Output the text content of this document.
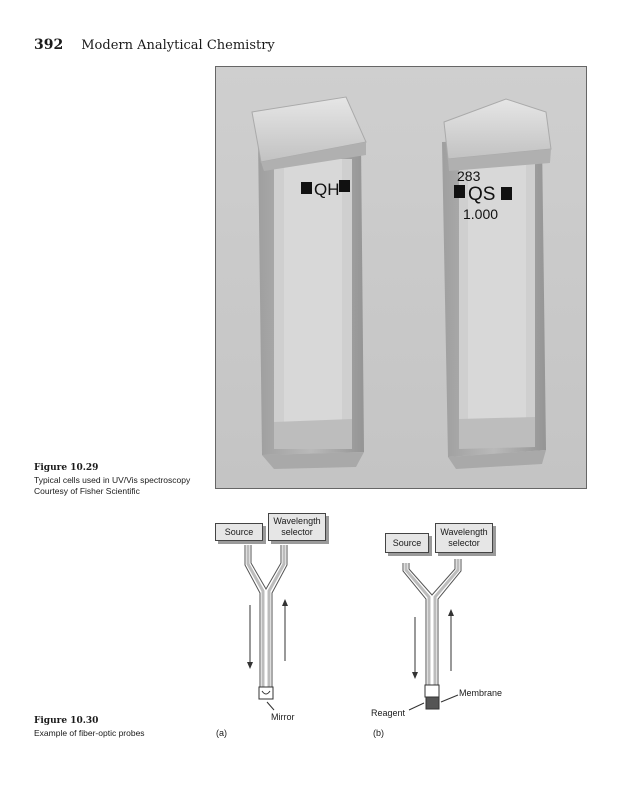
392 Modern Analytical Chemistry
QH
283
QS
1.000
Figure 10.29
Typical cells used in UV/Vis spectroscopy
Courtesy of Fisher Scientific
Source
Wavelength selector
Mirror
(a)
Source
Wavelength selector
Membrane
Reagent
(b)
Figure 10.30
Example of fiber-optic probes
